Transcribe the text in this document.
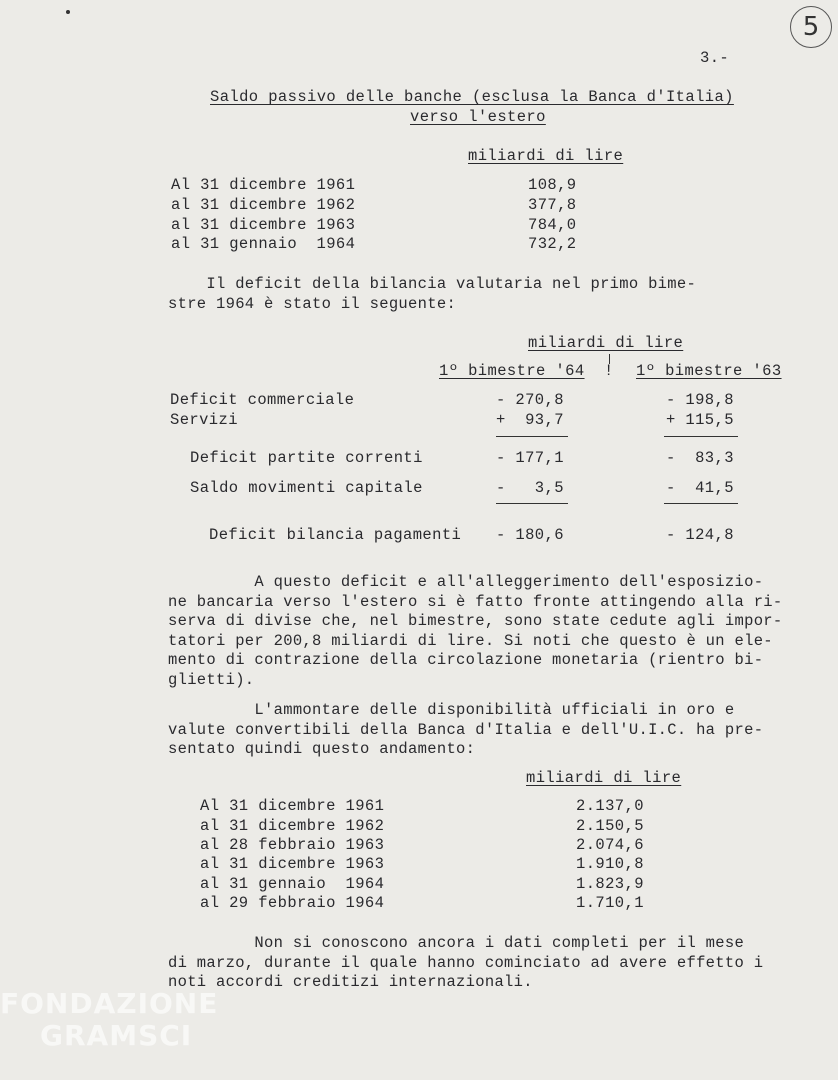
5
3.-
Saldo passivo delle banche (esclusa la Banca d'Italia)
verso l'estero
miliardi di lire
Al 31 dicembre 1961	108,9
al 31 dicembre 1962	377,8
al 31 dicembre 1963	784,0
al 31 gennaio  1964	732,2

Il deficit della bilancia valutaria nel primo bime-

stre 1964 è stato il seguente:

miliardi di lire
1º bimestre '64 ! 1º bimestre '63
Deficit commerciale	- 270,8	- 198,8
Servizi	+  93,7	+ 115,5
Deficit partite correnti	- 177,1	-  83,3
Saldo movimenti capitale	-   3,5	-  41,5
Deficit bilancia pagamenti - 180,6	- 124,8

A questo deficit e all'alleggerimento dell'esposizio-

ne bancaria verso l'estero si è fatto fronte attingendo alla ri-

serva di divise che, nel bimestre, sono state cedute agli impor-

tatori per 200,8 miliardi di lire. Si noti che questo è un ele-

mento di contrazione della circolazione monetaria (rientro bi-

glietti).

L'ammontare delle disponibilità ufficiali in oro e

valute convertibili della Banca d'Italia e dell'U.I.C. ha pre-

sentato quindi questo andamento:

miliardi di lire
Al 31 dicembre 1961	2.137,0
al 31 dicembre 1962	2.150,5
al 28 febbraio 1963	2.074,6
al 31 dicembre 1963	1.910,8
al 31 gennaio  1964	1.823,9
al 29 febbraio 1964	1.710,1

Non si conoscono ancora i dati completi per il mese

di marzo, durante il quale hanno cominciato ad avere effetto i

noti accordi creditizi internazionali.

FONDAZIONE
GRAMSCI
